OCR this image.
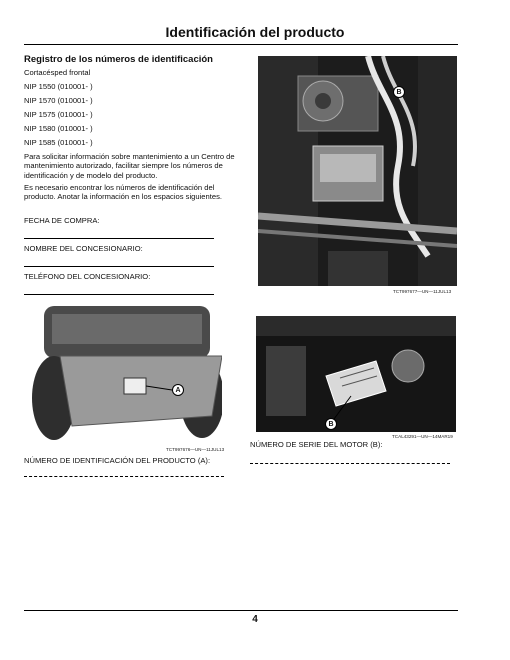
Identificación del producto
Registro de los números de identificación
Cortacésped frontal
NIP 1550 (010001- )
NIP 1570 (010001- )
NIP 1575 (010001- )
NIP 1580 (010001- )
NIP 1585 (010001- )
Para solicitar información sobre mantenimiento a un Centro de mantenimiento autorizado, facilitar siempre los números de identificación y de modelo del producto.
Es necesario encontrar los números de identificación del producto. Anotar la información en los espacios siguientes.
FECHA DE COMPRA:
NOMBRE DEL CONCESIONARIO:
TELÉFONO DEL CONCESIONARIO:
B
TCT997677—UN—11JUL13
A
TCT997676—UN—11JUL13
NÚMERO DE IDENTIFICACIÓN DEL PRODUCTO (A):
B
TCAL43291—UN—14MAR19
NÚMERO DE SERIE DEL MOTOR (B):
4
